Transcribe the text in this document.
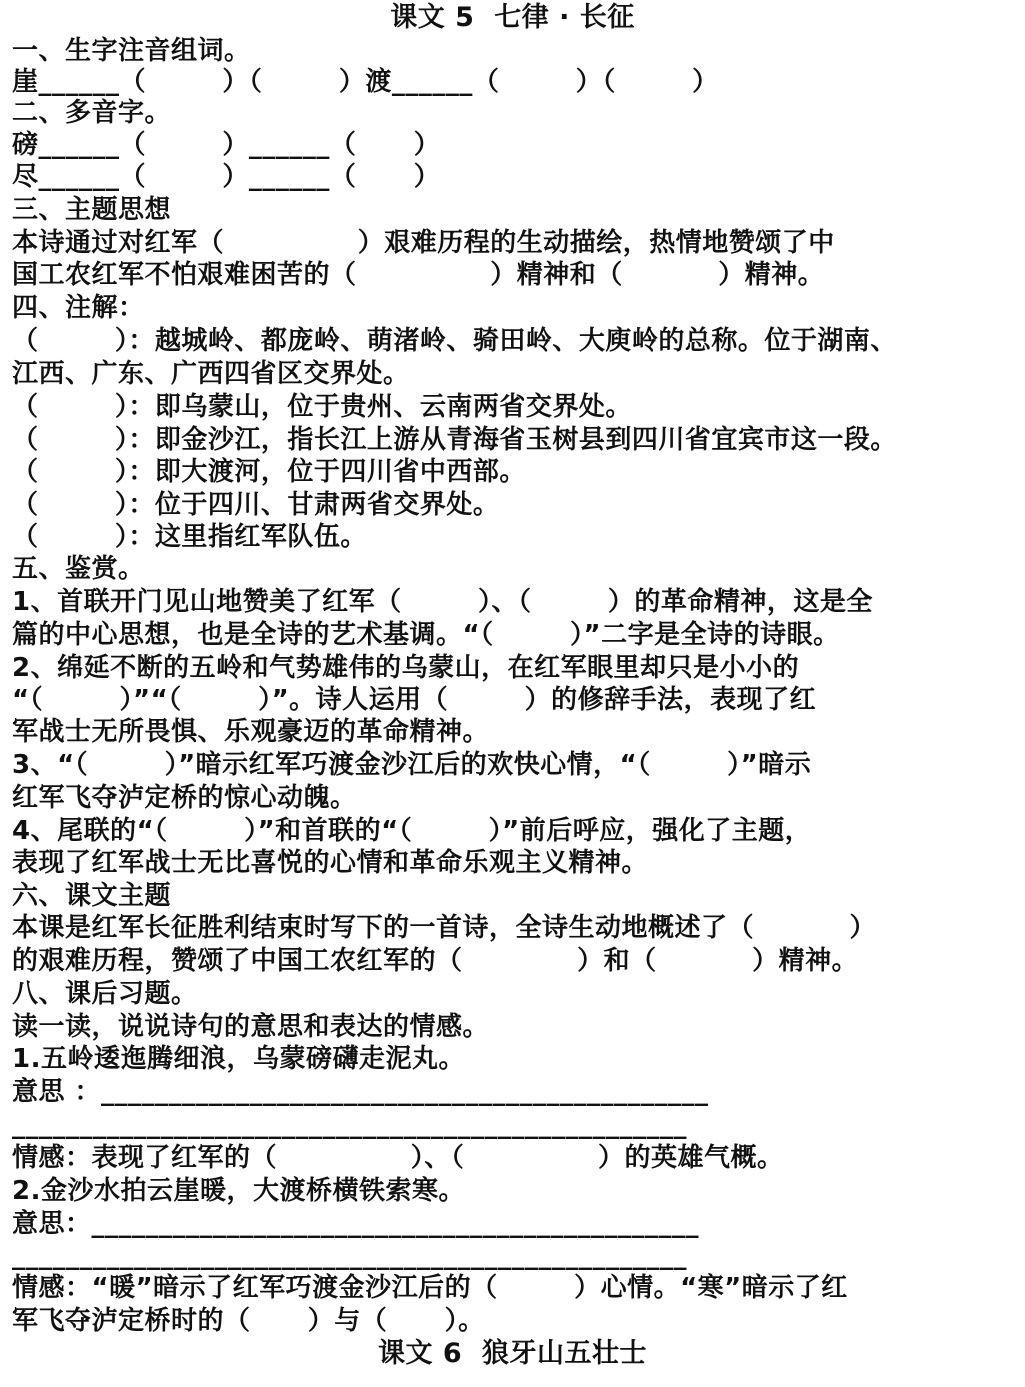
课文 5  七律 · 长征
一、生字注音组词。
崖______（        ）（        ）渡______（        ）（        ）
二、多音字。
磅______（        ）______（      ）
尽______（        ）______（      ）
三、主题思想
本诗通过对红军（              ）艰难历程的生动描绘，热情地赞颂了中
国工农红军不怕艰难困苦的（              ）精神和（          ）精神。
四、注解：
（        ）：越城岭、都庞岭、萌渚岭、骑田岭、大庾岭的总称。位于湖南、
江西、广东、广西四省区交界处。
（        ）：即乌蒙山，位于贵州、云南两省交界处。
（        ）：即金沙江，指长江上游从青海省玉树县到四川省宜宾市这一段。
（        ）：即大渡河，位于四川省中西部。
（        ）：位于四川、甘肃两省交界处。
（        ）：这里指红军队伍。
五、鉴赏。
1、首联开门见山地赞美了红军（        ）、（        ）的革命精神，这是全
篇的中心思想，也是全诗的艺术基调。“（        ）”二字是全诗的诗眼。
2、绵延不断的五岭和气势雄伟的乌蒙山，在红军眼里却只是小小的
“（        ）”“（        ）”。诗人运用（        ）的修辞手法，表现了红
军战士无所畏惧、乐观豪迈的革命精神。
3、“（        ）”暗示红军巧渡金沙江后的欢快心情，“（        ）”暗示
红军飞夺泸定桥的惊心动魄。
4、尾联的“（        ）”和首联的“（        ）”前后呼应，强化了主题，
表现了红军战士无比喜悦的心情和革命乐观主义精神。
六、课文主题
本课是红军长征胜利结束时写下的一首诗，全诗生动地概述了（          ）
的艰难历程，赞颂了中国工农红军的（            ）和（          ）精神。
八、课后习题。
读一读，说说诗句的意思和表达的情感。
1.五岭逶迤腾细浪，乌蒙磅礴走泥丸。
意思 ：_____________________________________________
__________________________________________________
情感：表现了红军的（              ）、（              ）的英雄气概。
2.金沙水拍云崖暖，大渡桥横铁索寒。
意思：_____________________________________________
__________________________________________________
情感：“暖”暗示了红军巧渡金沙江后的（        ）心情。“寒”暗示了红
军飞夺泸定桥时的（      ）与（      ）。
课文 6  狼牙山五壮士
